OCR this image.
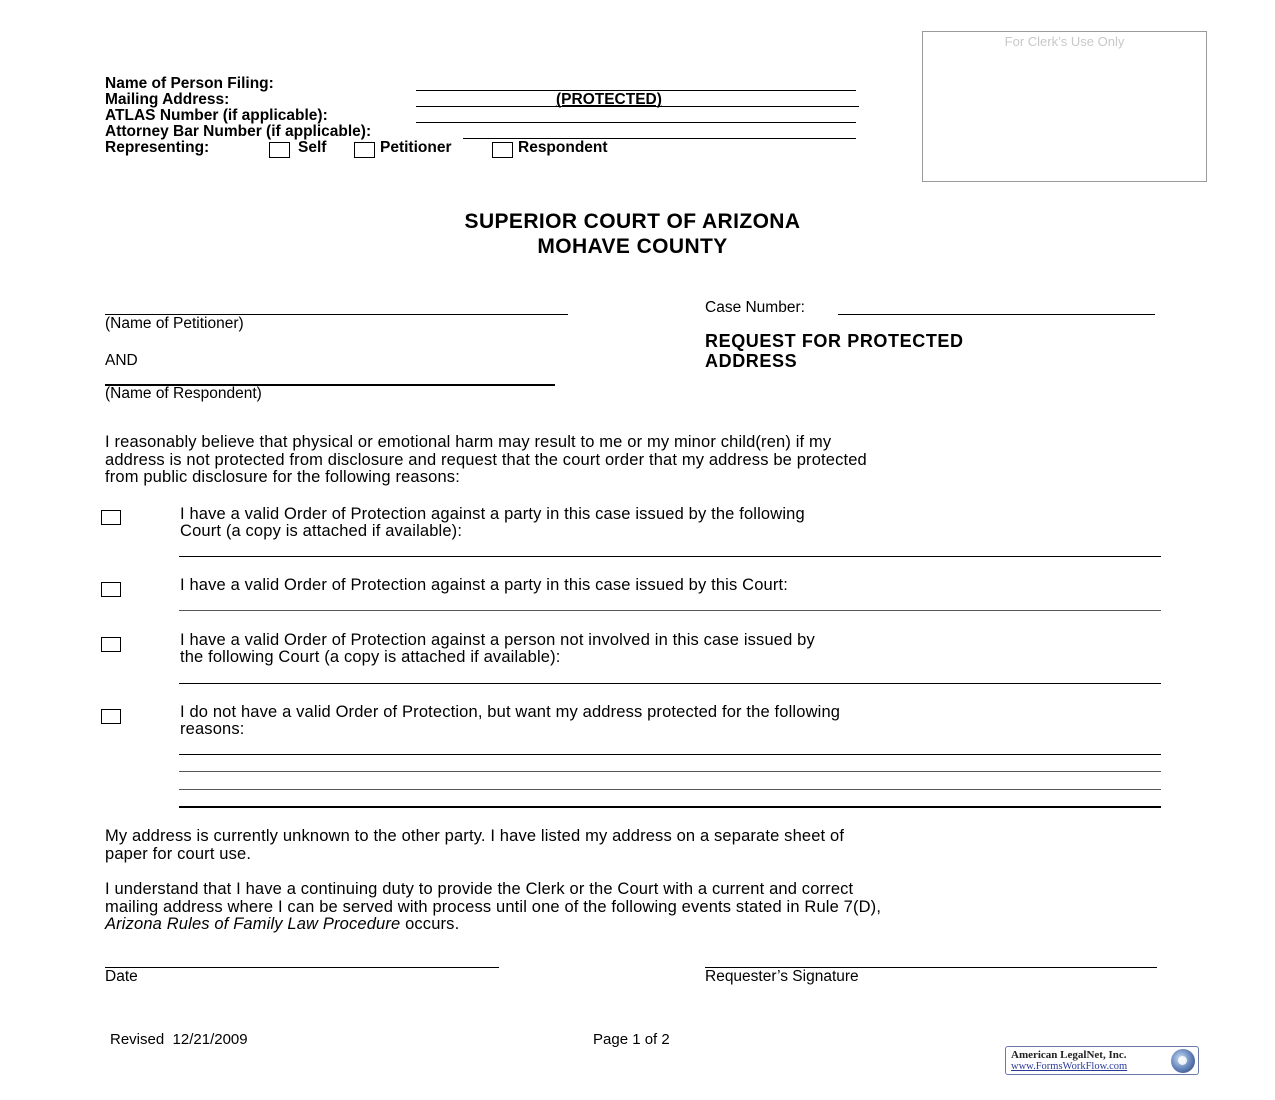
Name of Person Filing:
Mailing Address:	(PROTECTED)
ATLAS Number (if applicable):
Attorney Bar Number (if applicable):
Representing:	Self	Petitioner	Respondent
For Clerk’s Use Only
SUPERIOR COURT OF ARIZONA
MOHAVE COUNTY
(Name of Petitioner)
AND
(Name of Respondent)
Case Number:
REQUEST FOR PROTECTED
ADDRESS
I reasonably believe that physical or emotional harm may result to me or my minor child(ren) if my
address is not protected from disclosure and request that the court order that my address be protected
from public disclosure for the following reasons:
I have a valid Order of Protection against a party in this case issued by the following
Court (a copy is attached if available):
I have a valid Order of Protection against a party in this case issued by this Court:
I have a valid Order of Protection against a person not involved in this case issued by
the following Court (a copy is attached if available):
I do not have a valid Order of Protection, but want my address protected for the following
reasons:
My address is currently unknown to the other party. I have listed my address on a separate sheet of
paper for court use.
I understand that I have a continuing duty to provide the Clerk or the Court with a current and correct
mailing address where I can be served with process until one of the following events stated in Rule 7(D),
Arizona Rules of Family Law Procedure occurs.
Date	Requester’s Signature
Revised 12/21/2009	Page 1 of 2
American LegalNet, Inc.
www.FormsWorkFlow.com
